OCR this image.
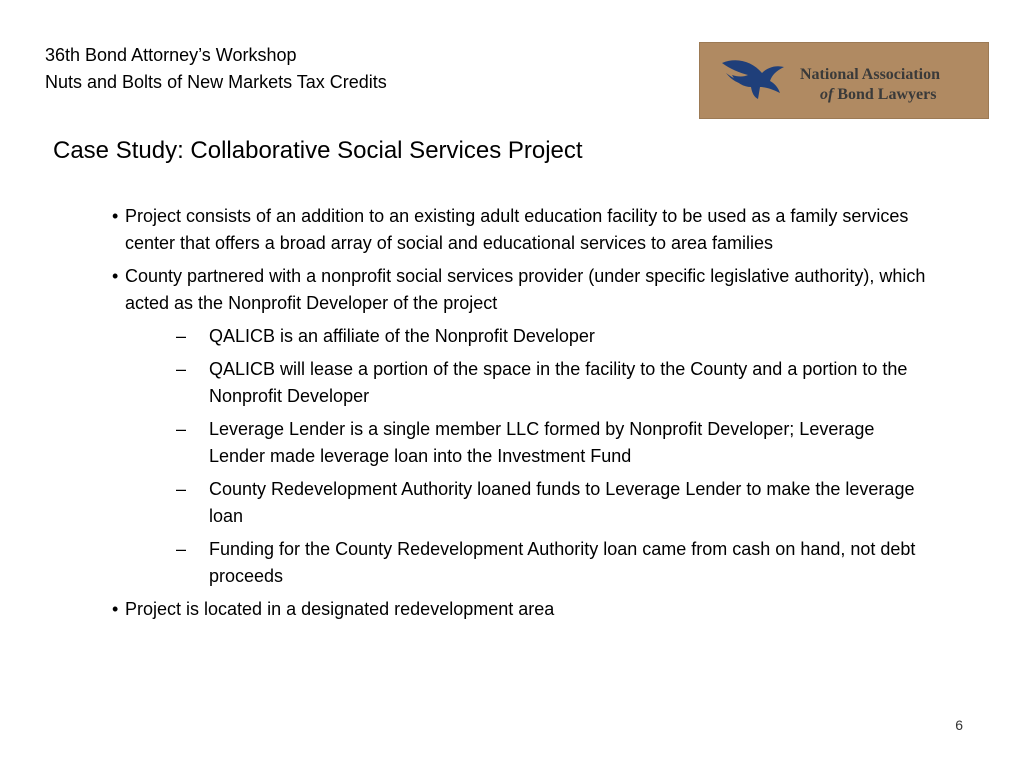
36th Bond Attorney’s Workshop
Nuts and Bolts of New Markets Tax Credits	National Association
of Bond Lawyers
Case Study: Collaborative Social Services Project
• Project consists of an addition to an existing adult education facility to be used as a family services center that offers a broad array of social and educational services to area families
• County partnered with a nonprofit social services provider (under specific legislative authority), which acted as the Nonprofit Developer of the project
– QALICB is an affiliate of the Nonprofit Developer
– QALICB will lease a portion of the space in the facility to the County and a portion to the Nonprofit Developer
– Leverage Lender is a single member LLC formed by Nonprofit Developer; Leverage Lender made leverage loan into the Investment Fund
– County Redevelopment Authority loaned funds to Leverage Lender to make the leverage loan
– Funding for the County Redevelopment Authority loan came from cash on hand, not debt proceeds
• Project is located in a designated redevelopment area
6
